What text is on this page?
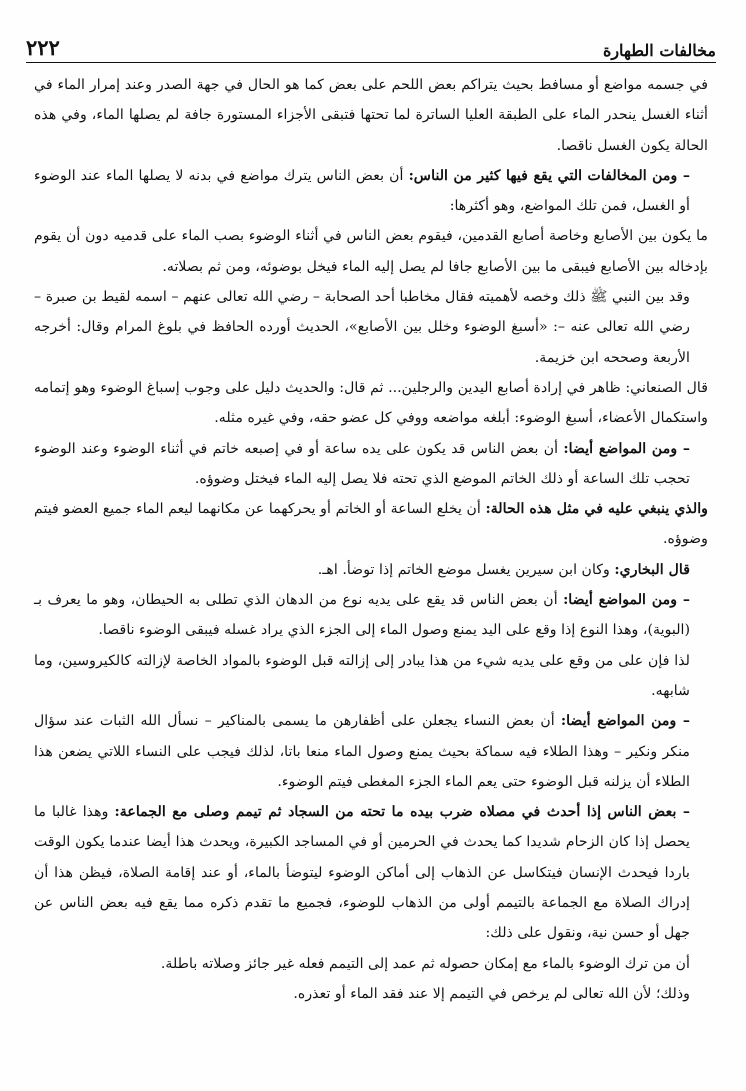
مخالفات الطهارة
٢٢٢

في جسمه مواضع أو مسافط بحيث يتراكم بعض اللحم على بعض كما هو الحال في جهة الصدر وعند إمرار الماء في أثناء الغسل ينحدر الماء على الطبقة العليا الساترة لما تحتها فتبقى الأجزاء المستورة جافة لم يصلها الماء، وفي هذه الحالة يكون الغسل ناقصا.

– ومن المخالفات التي يقع فيها كثير من الناس: أن بعض الناس يترك مواضع في بدنه لا يصلها الماء عند الوضوء أو الغسل، فمن تلك المواضع، وهو أكثرها:

ما يكون بين الأصابع وخاصة أصابع القدمين، فيقوم بعض الناس في أثناء الوضوء بصب الماء على قدميه دون أن يقوم بإدخاله بين الأصابع فيبقى ما بين الأصابع جافا لم يصل إليه الماء فيخل بوضوئه، ومن ثم بصلاته.

وقد بين النبي ﷺ ذلك وخصه لأهميته فقال مخاطبا أحد الصحابة – رضي الله تعالى عنهم – اسمه لقيط بن صبرة – رضي الله تعالى عنه –: «أسبغ الوضوء وخلل بين الأصابع»، الحديث أورده الحافظ في بلوغ المرام وقال: أخرجه الأربعة وصححه ابن خزيمة.

قال الصنعاني: ظاهر في إرادة أصابع اليدين والرجلين... ثم قال: والحديث دليل على وجوب إسباغ الوضوء وهو إتمامه واستكمال الأعضاء، أسبغ الوضوء: أبلغه مواضعه ووفي كل عضو حقه، وفي غيره مثله.

– ومن المواضع أيضا: أن بعض الناس قد يكون على يده ساعة أو في إصبعه خاتم في أثناء الوضوء وعند الوضوء تحجب تلك الساعة أو ذلك الخاتم الموضع الذي تحته فلا يصل إليه الماء فيختل وضوؤه.

والذي ينبغي عليه في مثل هذه الحالة: أن يخلع الساعة أو الخاتم أو يحركهما عن مكانهما ليعم الماء جميع العضو فيتم وضوؤه.

قال البخاري: وكان ابن سيرين يغسل موضع الخاتم إذا توضأ. اهـ.

– ومن المواضع أيضا: أن بعض الناس قد يقع على يديه نوع من الدهان الذي تطلى به الحيطان، وهو ما يعرف بـ (البوية)، وهذا النوع إذا وقع على اليد يمنع وصول الماء إلى الجزء الذي يراد غسله فيبقى الوضوء ناقصا.

لذا فإن على من وقع على يديه شيء من هذا يبادر إلى إزالته قبل الوضوء بالمواد الخاصة لإزالته كالكيروسين، وما شابهه.

– ومن المواضع أيضا: أن بعض النساء يجعلن على أظفارهن ما يسمى بالمناكير – نسأل الله الثبات عند سؤال منكر ونكير – وهذا الطلاء فيه سماكة بحيث يمنع وصول الماء منعا باتا، لذلك فيجب على النساء اللاتي يضعن هذا الطلاء أن يزلنه قبل الوضوء حتى يعم الماء الجزء المغطى فيتم الوضوء.

– بعض الناس إذا أحدث في مصلاه ضرب بيده ما تحته من السجاد ثم تيمم وصلى مع الجماعة: وهذا غالبا ما يحصل إذا كان الزحام شديدا كما يحدث في الحرمين أو في المساجد الكبيرة، ويحدث هذا أيضا عندما يكون الوقت باردا فيحدث الإنسان فيتكاسل عن الذهاب إلى أماكن الوضوء ليتوضأ بالماء، أو عند إقامة الصلاة، فيظن هذا أن إدراك الصلاة مع الجماعة بالتيمم أولى من الذهاب للوضوء، فجميع ما تقدم ذكره مما يقع فيه بعض الناس عن جهل أو حسن نية، ونقول على ذلك:

أن من ترك الوضوء بالماء مع إمكان حصوله ثم عمد إلى التيمم فعله غير جائز وصلاته باطلة.

وذلك؛ لأن الله تعالى لم يرخص في التيمم إلا عند فقد الماء أو تعذره.
